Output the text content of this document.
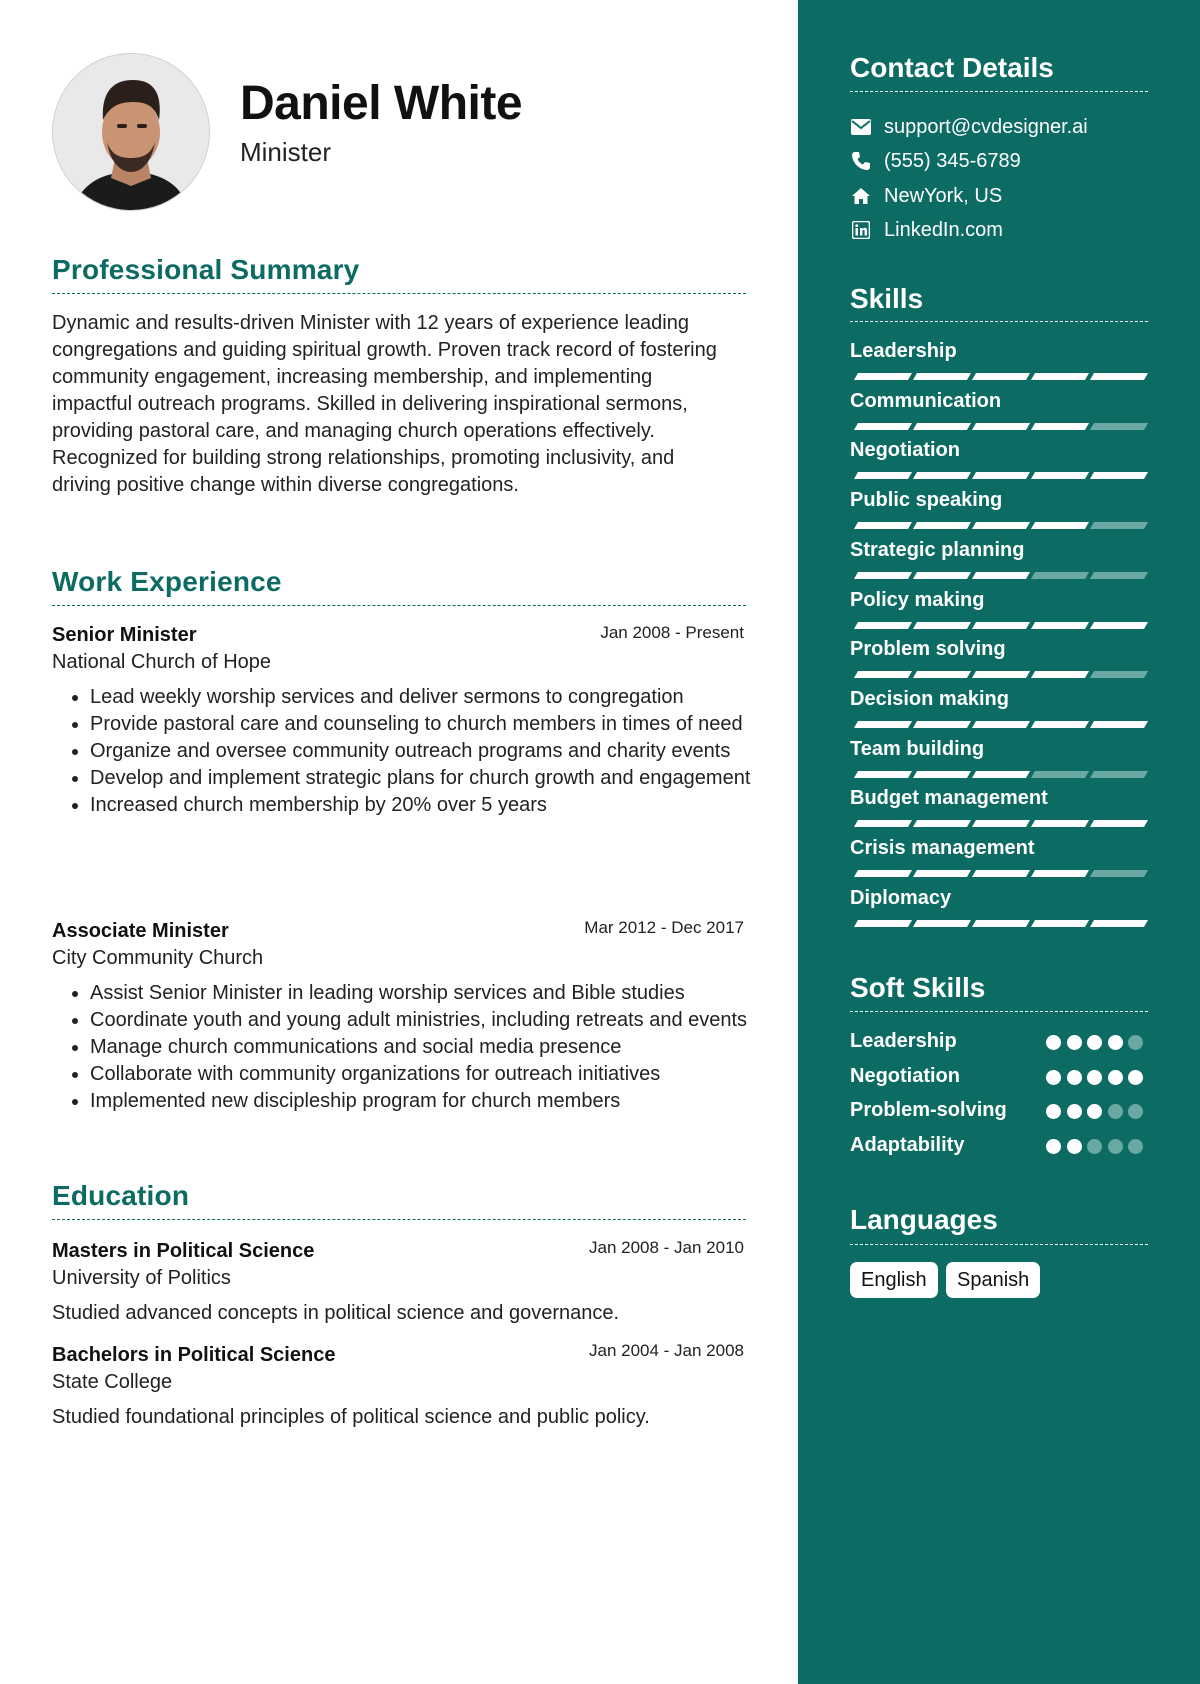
Daniel White
Minister
Professional Summary
Dynamic and results-driven Minister with 12 years of experience leading congregations and guiding spiritual growth. Proven track record of fostering community engagement, increasing membership, and implementing impactful outreach programs. Skilled in delivering inspirational sermons, providing pastoral care, and managing church operations effectively. Recognized for building strong relationships, promoting inclusivity, and driving positive change within diverse congregations.
Work Experience
Senior Minister	Jan 2008 - Present
National Church of Hope
• Lead weekly worship services and deliver sermons to congregation
• Provide pastoral care and counseling to church members in times of need
• Organize and oversee community outreach programs and charity events
• Develop and implement strategic plans for church growth and engagement
• Increased church membership by 20% over 5 years
Associate Minister	Mar 2012 - Dec 2017
City Community Church
• Assist Senior Minister in leading worship services and Bible studies
• Coordinate youth and young adult ministries, including retreats and events
• Manage church communications and social media presence
• Collaborate with community organizations for outreach initiatives
• Implemented new discipleship program for church members
Education
Masters in Political Science	Jan 2008 - Jan 2010
University of Politics
Studied advanced concepts in political science and governance.
Bachelors in Political Science	Jan 2004 - Jan 2008
State College
Studied foundational principles of political science and public policy.
Contact Details
support@cvdesigner.ai
(555) 345-6789
NewYork, US
LinkedIn.com
Skills
Leadership
Communication
Negotiation
Public speaking
Strategic planning
Policy making
Problem solving
Decision making
Team building
Budget management
Crisis management
Diplomacy
Soft Skills
Leadership
Negotiation
Problem-solving
Adaptability
Languages
English	Spanish
